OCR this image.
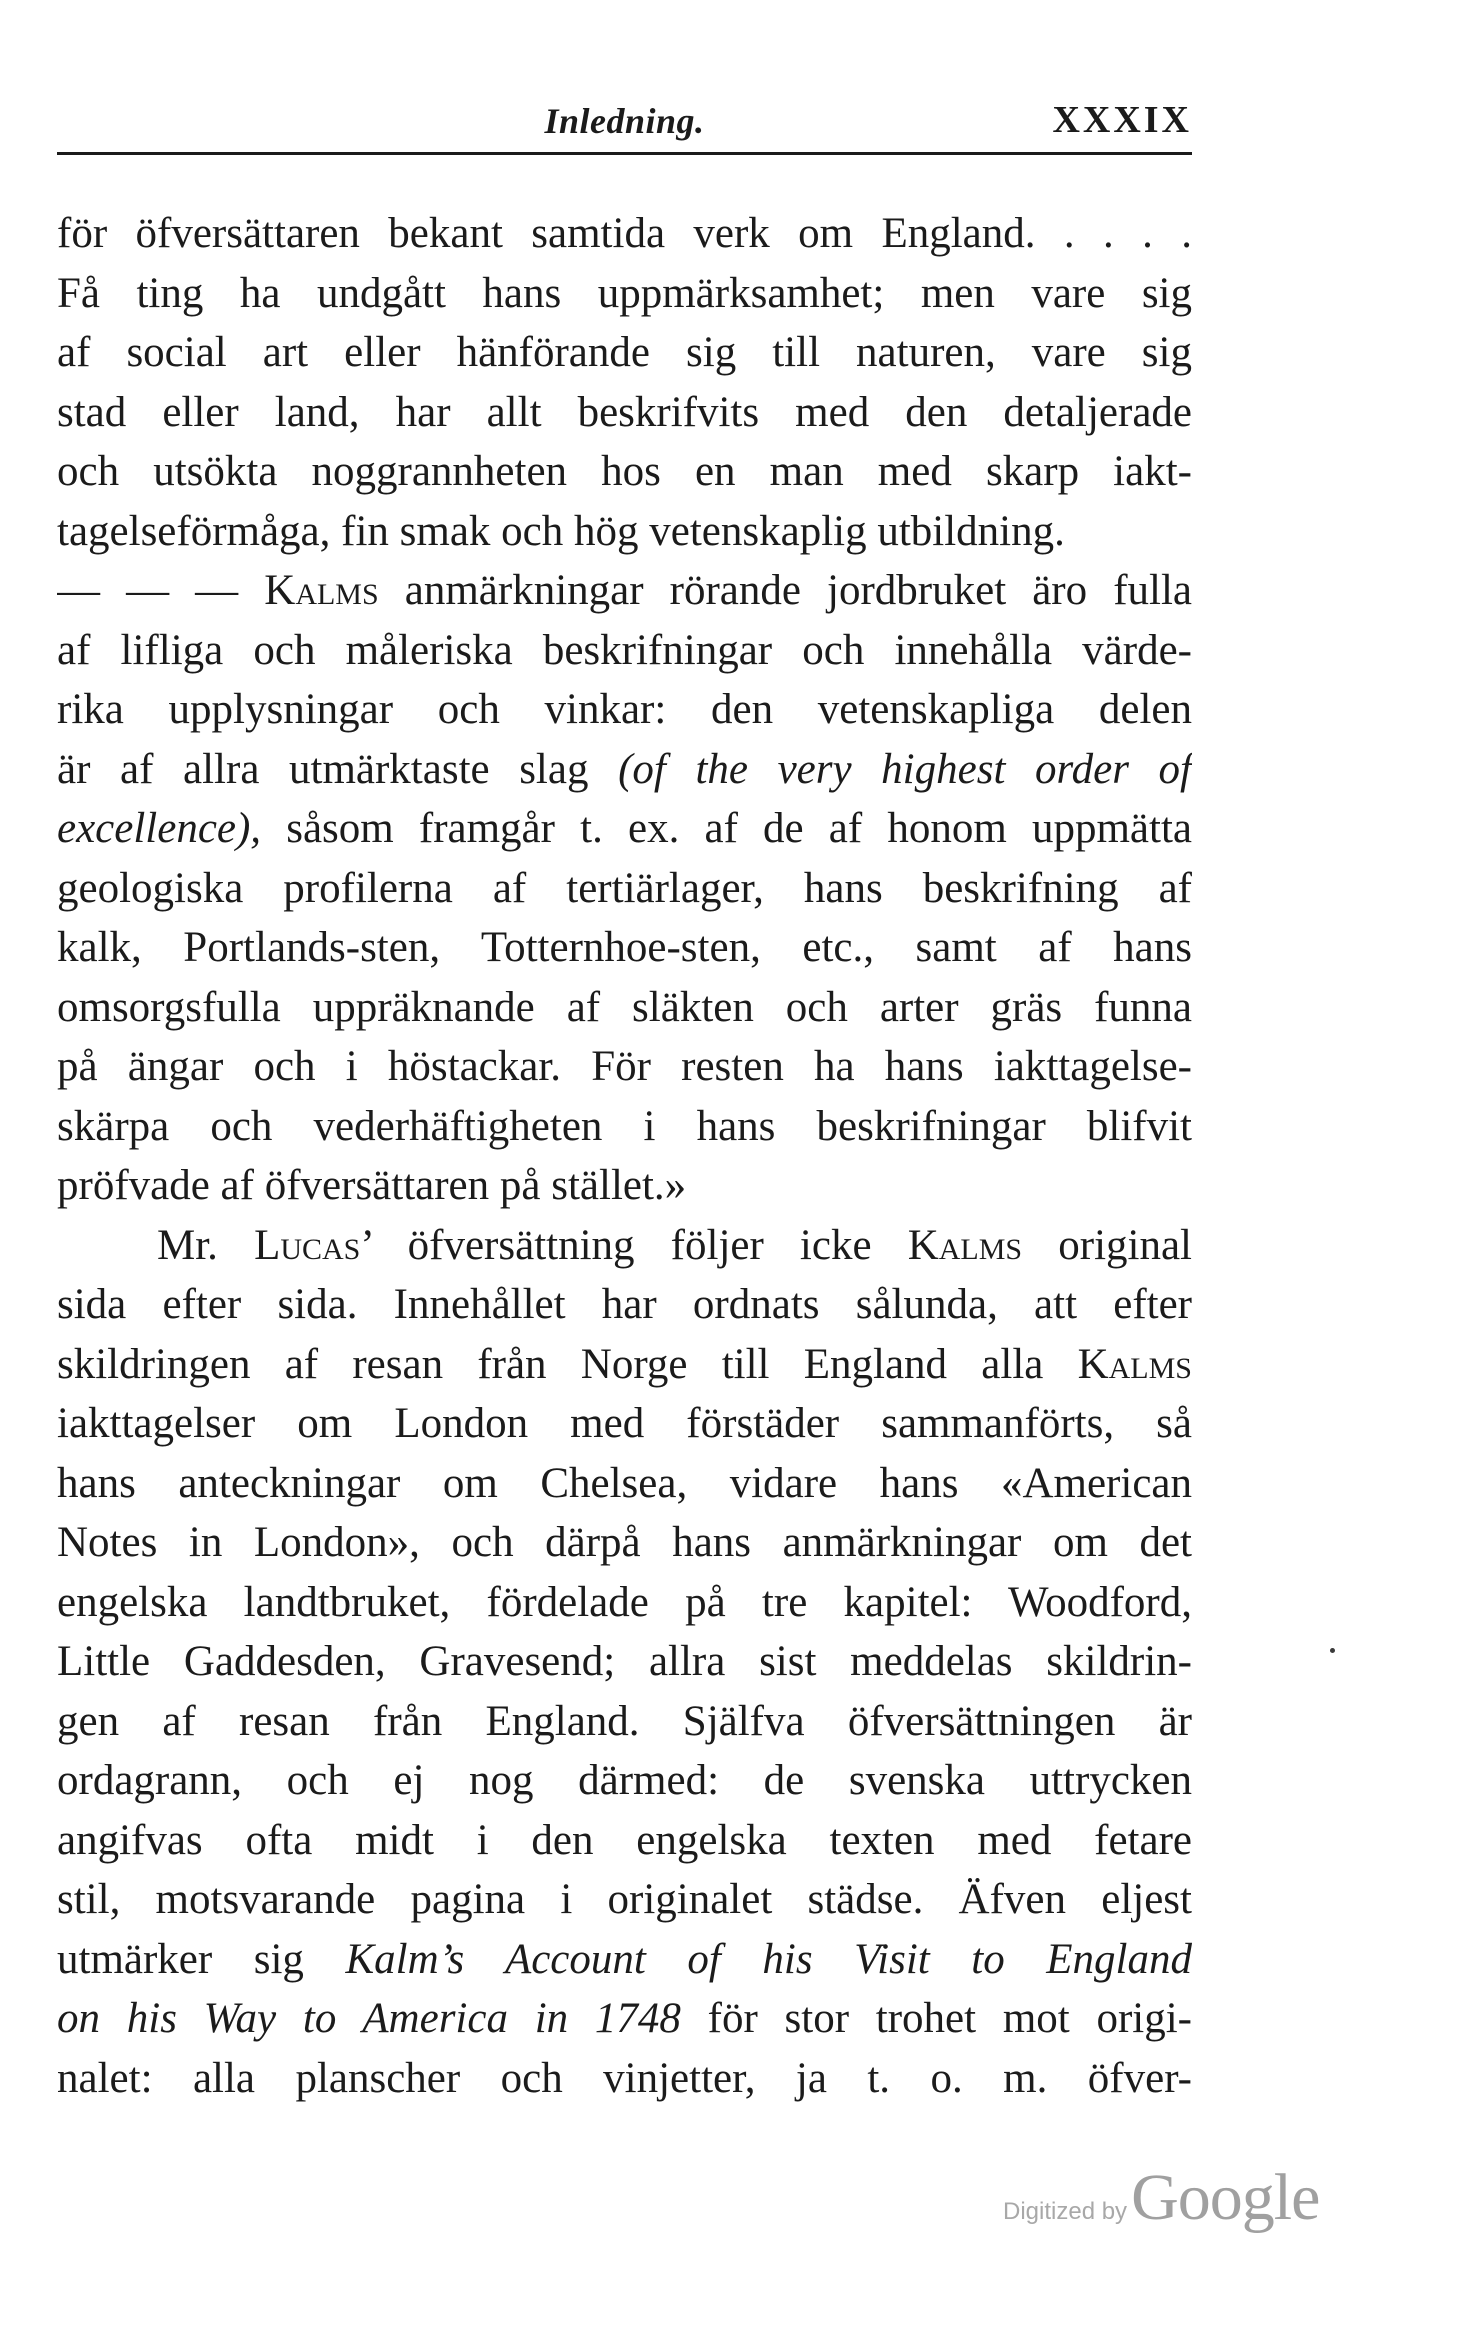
Inledning.	XXXIX
för öfversättaren bekant samtida verk om England. . . . .
Få ting ha undgått hans uppmärksamhet; men vare sig
af social art eller hänförande sig till naturen, vare sig
stad eller land, har allt beskrifvits med den detaljerade
och utsökta noggrannheten hos en man med skarp iakt-
tagelseförmåga, fin smak och hög vetenskaplig utbildning.
— — — Kalms anmärkningar rörande jordbruket äro fulla
af lifliga och måleriska beskrifningar och innehålla värde-
rika upplysningar och vinkar: den vetenskapliga delen
är af allra utmärktaste slag (of the very highest order of
excellence), såsom framgår t. ex. af de af honom uppmätta
geologiska profilerna af tertiärlager, hans beskrifning af
kalk, Portlands-sten, Totternhoe-sten, etc., samt af hans
omsorgsfulla uppräknande af släkten och arter gräs funna
på ängar och i höstackar. För resten ha hans iakttagelse-
skärpa och vederhäftigheten i hans beskrifningar blifvit
pröfvade af öfversättaren på stället.»
Mr. Lucas’ öfversättning följer icke Kalms original
sida efter sida. Innehållet har ordnats sålunda, att efter
skildringen af resan från Norge till England alla Kalms
iakttagelser om London med förstäder sammanförts, så
hans anteckningar om Chelsea, vidare hans «American
Notes in London», och därpå hans anmärkningar om det
engelska landtbruket, fördelade på tre kapitel: Woodford,
Little Gaddesden, Gravesend; allra sist meddelas skildrin-
gen af resan från England. Själfva öfversättningen är
ordagrann, och ej nog därmed: de svenska uttrycken
angifvas ofta midt i den engelska texten med fetare
stil, motsvarande pagina i originalet städse. Äfven eljest
utmärker sig Kalm’s Account of his Visit to England
on his Way to America in 1748 för stor trohet mot origi-
nalet: alla planscher och vinjetter, ja t. o. m. öfver-
Digitized by Google
